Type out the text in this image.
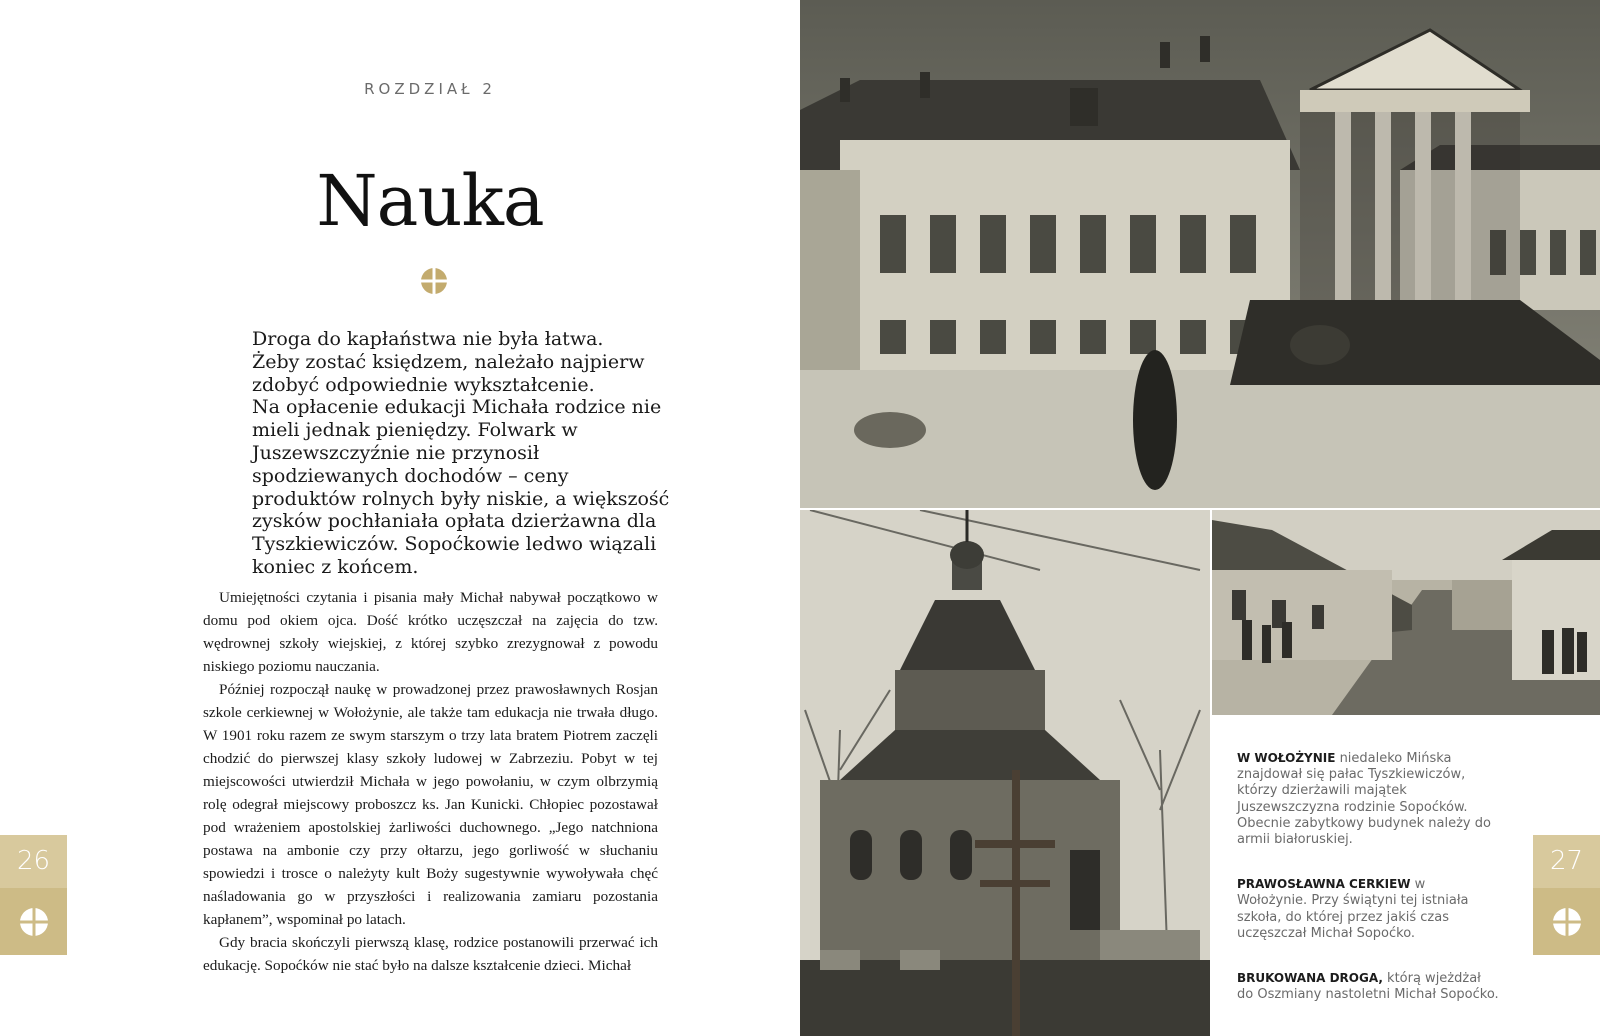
ROZDZIAŁ 2
Nauka

Droga do kapłaństwa nie była łatwa.

Żeby zostać księdzem, należało najpierw zdobyć odpowiednie wykształcenie.

Na opłacenie edukacji Michała rodzice nie mieli jednak pieniędzy. Folwark w Juszewszczyźnie nie przynosił spodziewanych dochodów – ceny produktów rolnych były niskie, a większość zysków pochłaniała opłata dzierżawna dla Tyszkiewiczów. Sopoćkowie ledwo wiązali koniec z końcem.

Umiejętności czytania i pisania mały Michał nabywał początkowo w domu pod okiem ojca. Dość krótko uczęszczał na zajęcia do tzw. wędrownej szkoły wiejskiej, z której szybko zrezygnował z powodu niskiego poziomu nauczania.

Później rozpoczął naukę w prowadzonej przez prawosławnych Rosjan szkole cerkiewnej w Wołożynie, ale także tam edukacja nie trwała długo. W 1901 roku razem ze swym starszym o trzy lata bratem Piotrem zaczęli chodzić do pierwszej klasy szkoły ludowej w Zabrzeziu. Pobyt w tej miejscowości utwierdził Michała w jego powołaniu, w czym olbrzymią rolę odegrał miejscowy proboszcz ks. Jan Kunicki. Chłopiec pozostawał pod wrażeniem apostolskiej żarliwości duchownego. „Jego natchniona postawa na ambonie czy przy ołtarzu, jego gorliwość w słuchaniu spowiedzi i trosce o należyty kult Boży sugestywnie wywoływała chęć naśladowania go w przyszłości i realizowania zamiaru pozostania kapłanem”, wspominał po latach.

Gdy bracia skończyli pierwszą klasę, rodzice postanowili przerwać ich edukację. Sopoćków nie stać było na dalsze kształcenie dzieci. Michał

26

W WOŁOŻYNIE niedaleko Mińska znajdował się pałac Tyszkiewiczów, którzy dzierżawili majątek Juszewszczyzna rodzinie Sopoćków. Obecnie zabytkowy budynek należy do armii białoruskiej.

PRAWOSŁAWNA CERKIEW w Wołożynie. Przy świątyni tej istniała szkoła, do której przez jakiś czas uczęszczał Michał Sopoćko.

BRUKOWANA DROGA, którą wjeżdżał do Oszmiany nastoletni Michał Sopoćko.

27
